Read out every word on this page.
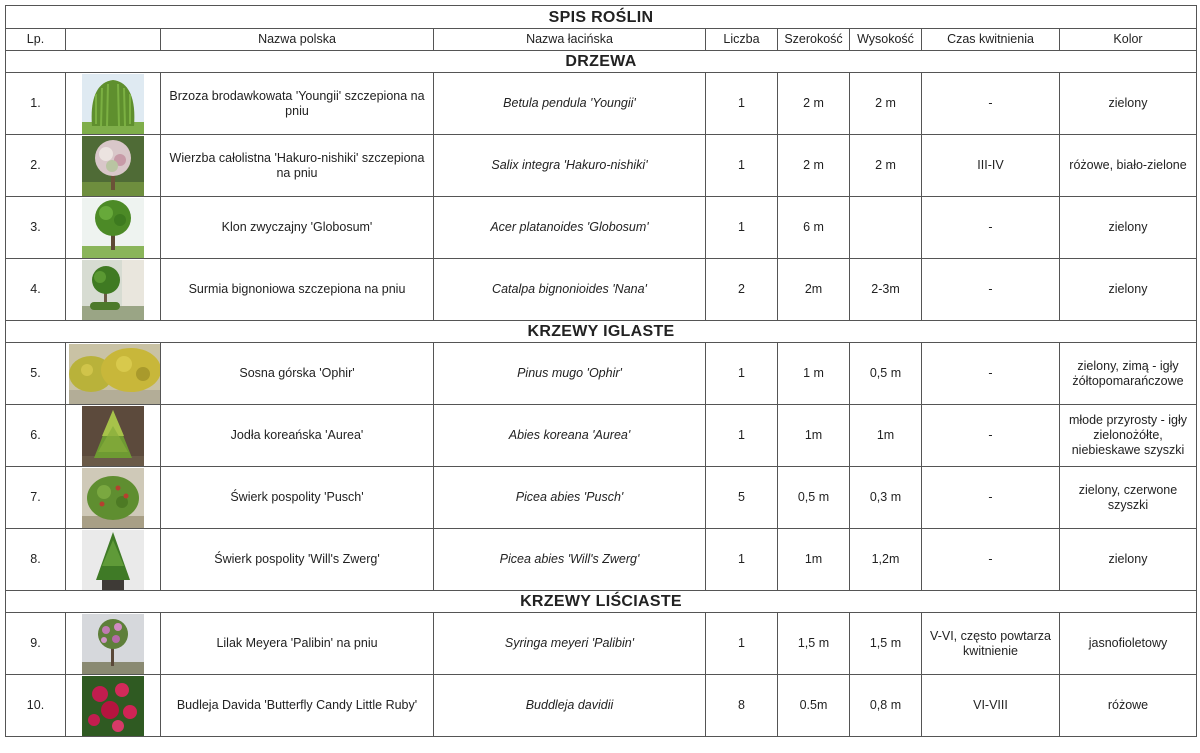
SPIS ROŚLIN								
Lp.		Nazwa polska	Nazwa łacińska	Liczba	Szerokość	Wysokość	Czas kwitnienia	Kolor
DRZEWA								
1.		Brzoza brodawkowata 'Youngii' szczepiona na pniu	Betula pendula 'Youngii'	1	2 m	2 m	-	zielony
2.		Wierzba całolistna 'Hakuro-nishiki' szczepiona na pniu	Salix integra 'Hakuro-nishiki'	1	2 m	2 m	III-IV	różowe, biało-zielone
3.		Klon zwyczajny 'Globosum'	Acer platanoides 'Globosum'	1	6 m		-	zielony
4.		Surmia bignoniowa szczepiona na pniu	Catalpa bignonioides 'Nana'	2	2m	2-3m	-	zielony
KRZEWY IGLASTE								
5.		Sosna górska 'Ophir'	Pinus mugo 'Ophir'	1	1 m	0,5 m	-	zielony, zimą - igły żółtopomarańczowe
6.		Jodła koreańska 'Aurea'	Abies koreana 'Aurea'	1	1m	1m	-	młode przyrosty - igły zielonożółte, niebieskawe szyszki
7.		Świerk pospolity 'Pusch'	Picea abies 'Pusch'	5	0,5 m	0,3 m	-	zielony, czerwone szyszki
8.		Świerk pospolity 'Will's Zwerg'	Picea abies 'Will's Zwerg'	1	1m	1,2m	-	zielony
KRZEWY LIŚCIASTE								
9.		Lilak Meyera 'Palibin' na pniu	Syringa meyeri 'Palibin'	1	1,5 m	1,5 m	V-VI, często powtarza kwitnienie	jasnofioletowy
10.		Budleja Davida 'Butterfly Candy Little Ruby'	Buddleja davidii	8	0.5m	0,8 m	VI-VIII	różowe
